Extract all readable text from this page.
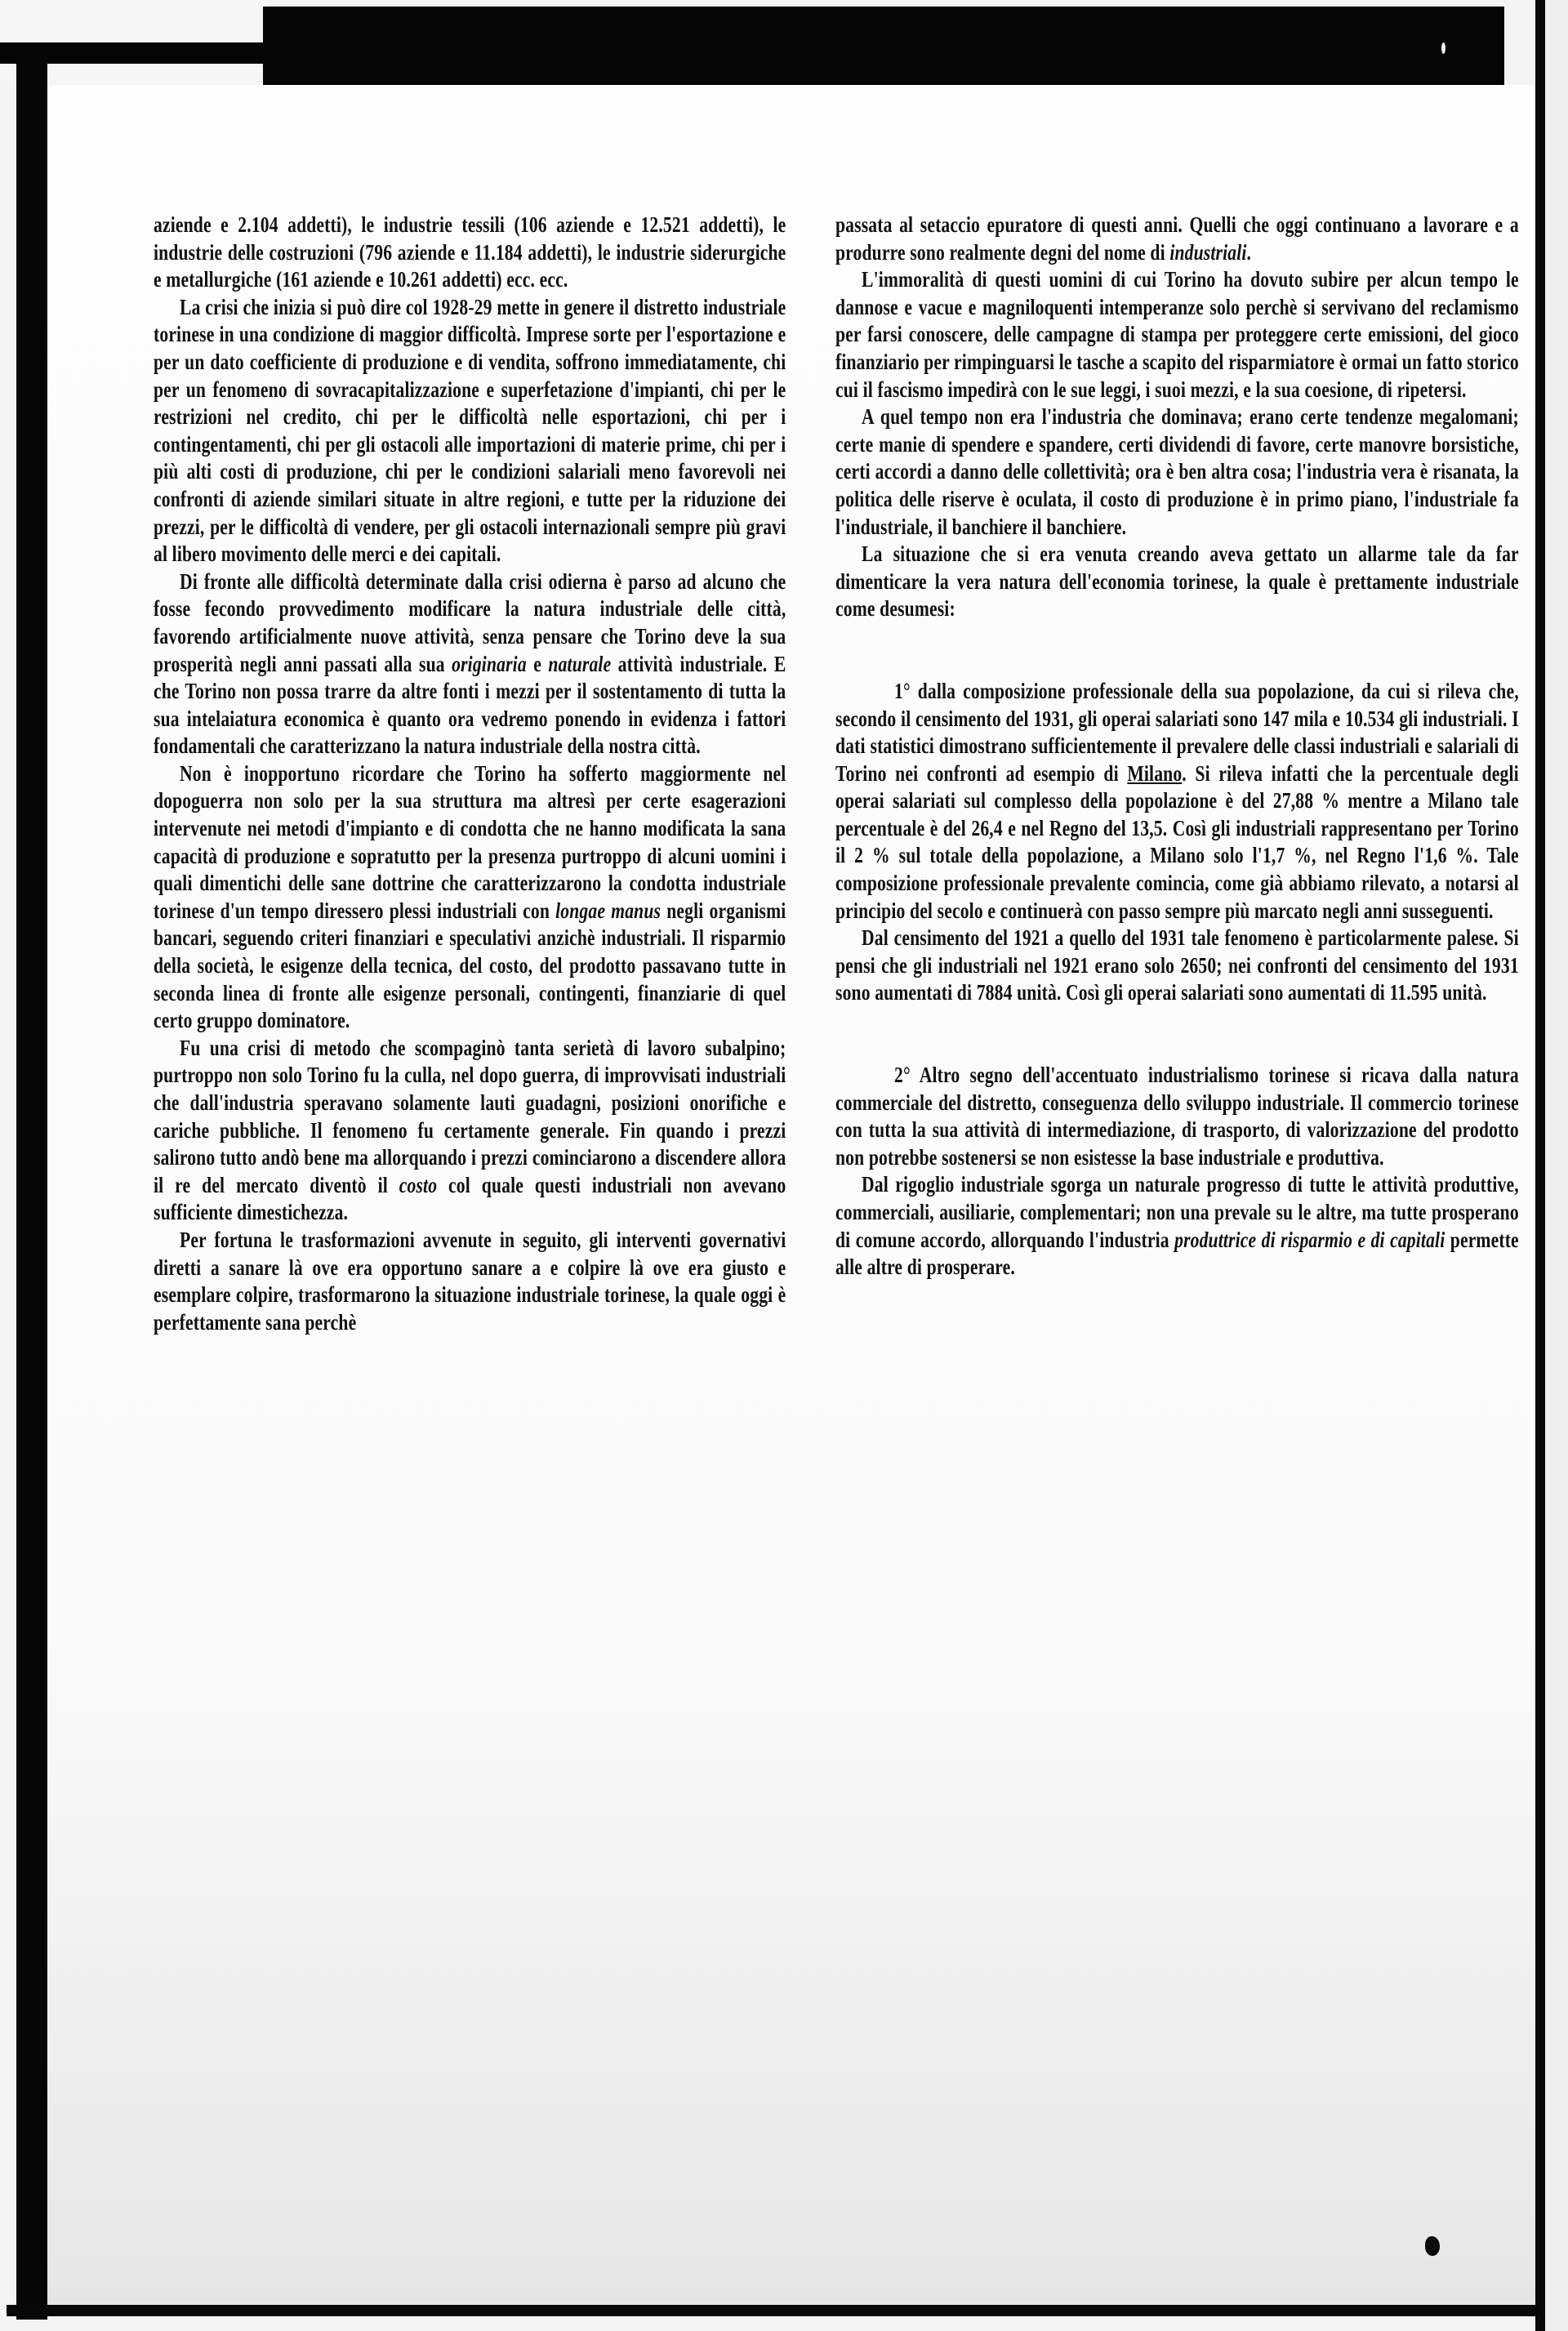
aziende e 2.104 addetti), le industrie tessili (106 aziende e 12.521 addetti), le industrie delle costruzioni (796 aziende e 11.184 addetti), le industrie siderurgiche e metallurgiche (161 aziende e 10.261 addetti) ecc. ecc.

La crisi che inizia si può dire col 1928-29 mette in genere il distretto industriale torinese in una condizione di maggior difficoltà. Imprese sorte per l'esportazione e per un dato coefficiente di produzione e di vendita, soffrono immediatamente, chi per un fenomeno di sovracapitalizzazione e superfetazione d'impianti, chi per le restrizioni nel credito, chi per le difficoltà nelle esportazioni, chi per i contingentamenti, chi per gli ostacoli alle importazioni di materie prime, chi per i più alti costi di produzione, chi per le condizioni salariali meno favorevoli nei confronti di aziende similari situate in altre regioni, e tutte per la riduzione dei prezzi, per le difficoltà di vendere, per gli ostacoli internazionali sempre più gravi al libero movimento delle merci e dei capitali.

Di fronte alle difficoltà determinate dalla crisi odierna è parso ad alcuno che fosse fecondo provvedimento modificare la natura industriale delle città, favorendo artificialmente nuove attività, senza pensare che Torino deve la sua prosperità negli anni passati alla sua originaria e naturale attività industriale. E che Torino non possa trarre da altre fonti i mezzi per il sostentamento di tutta la sua intelaiatura economica è quanto ora vedremo ponendo in evidenza i fattori fondamentali che caratterizzano la natura industriale della nostra città.

Non è inopportuno ricordare che Torino ha sofferto maggiormente nel dopoguerra non solo per la sua struttura ma altresì per certe esagerazioni intervenute nei metodi d'impianto e di condotta che ne hanno modificata la sana capacità di produzione e sopratutto per la presenza purtroppo di alcuni uomini i quali dimentichi delle sane dottrine che caratterizzarono la condotta industriale torinese d'un tempo diressero plessi industriali con longae manus negli organismi bancari, seguendo criteri finanziari e speculativi anzichè industriali. Il risparmio della società, le esigenze della tecnica, del costo, del prodotto passavano tutte in seconda linea di fronte alle esigenze personali, contingenti, finanziarie di quel certo gruppo dominatore.

Fu una crisi di metodo che scompaginò tanta serietà di lavoro subalpino; purtroppo non solo Torino fu la culla, nel dopo guerra, di improvvisati industriali che dall'industria speravano solamente lauti guadagni, posizioni onorifiche e cariche pubbliche. Il fenomeno fu certamente generale. Fin quando i prezzi salirono tutto andò bene ma allorquando i prezzi cominciarono a discendere allora il re del mercato diventò il costo col quale questi industriali non avevano sufficiente dimestichezza.

Per fortuna le trasformazioni avvenute in seguito, gli interventi governativi diretti a sanare là ove era opportuno sanare a e colpire là ove era giusto e esemplare colpire, trasformarono la situazione industriale torinese, la quale oggi è perfettamente sana perchè

passata al setaccio epuratore di questi anni. Quelli che oggi continuano a lavorare e a produrre sono realmente degni del nome di industriali.

L'immoralità di questi uomini di cui Torino ha dovuto subire per alcun tempo le dannose e vacue e magniloquenti intemperanze solo perchè si servivano del reclamismo per farsi conoscere, delle campagne di stampa per proteggere certe emissioni, del gioco finanziario per rimpinguarsi le tasche a scapito del risparmiatore è ormai un fatto storico cui il fascismo impedirà con le sue leggi, i suoi mezzi, e la sua coesione, di ripetersi.

A quel tempo non era l'industria che dominava; erano certe tendenze megalomani; certe manie di spendere e spandere, certi dividendi di favore, certe manovre borsistiche, certi accordi a danno delle collettività; ora è ben altra cosa; l'industria vera è risanata, la politica delle riserve è oculata, il costo di produzione è in primo piano, l'industriale fa l'industriale, il banchiere il banchiere.

La situazione che si era venuta creando aveva gettato un allarme tale da far dimenticare la vera natura dell'economia torinese, la quale è prettamente industriale come desumesi:

1° dalla composizione professionale della sua popolazione, da cui si rileva che, secondo il censimento del 1931, gli operai salariati sono 147 mila e 10.534 gli industriali. I dati statistici dimostrano sufficientemente il prevalere delle classi industriali e salariali di Torino nei confronti ad esempio di Milano. Si rileva infatti che la percentuale degli operai salariati sul complesso della popolazione è del 27,88 % mentre a Milano tale percentuale è del 26,4 e nel Regno del 13,5. Così gli industriali rappresentano per Torino il 2 % sul totale della popolazione, a Milano solo l'1,7 %, nel Regno l'1,6 %. Tale composizione professionale prevalente comincia, come già abbiamo rilevato, a notarsi al principio del secolo e continuerà con passo sempre più marcato negli anni susseguenti.

Dal censimento del 1921 a quello del 1931 tale fenomeno è particolarmente palese. Si pensi che gli industriali nel 1921 erano solo 2650; nei confronti del censimento del 1931 sono aumentati di 7884 unità. Così gli operai salariati sono aumentati di 11.595 unità.

2° Altro segno dell'accentuato industrialismo torinese si ricava dalla natura commerciale del distretto, conseguenza dello sviluppo industriale. Il commercio torinese con tutta la sua attività di intermediazione, di trasporto, di valorizzazione del prodotto non potrebbe sostenersi se non esistesse la base industriale e produttiva.

Dal rigoglio industriale sgorga un naturale progresso di tutte le attività produttive, commerciali, ausiliarie, complementari; non una prevale su le altre, ma tutte prosperano di comune accordo, allorquando l'industria produttrice di risparmio e di capitali permette alle altre di prosperare.
